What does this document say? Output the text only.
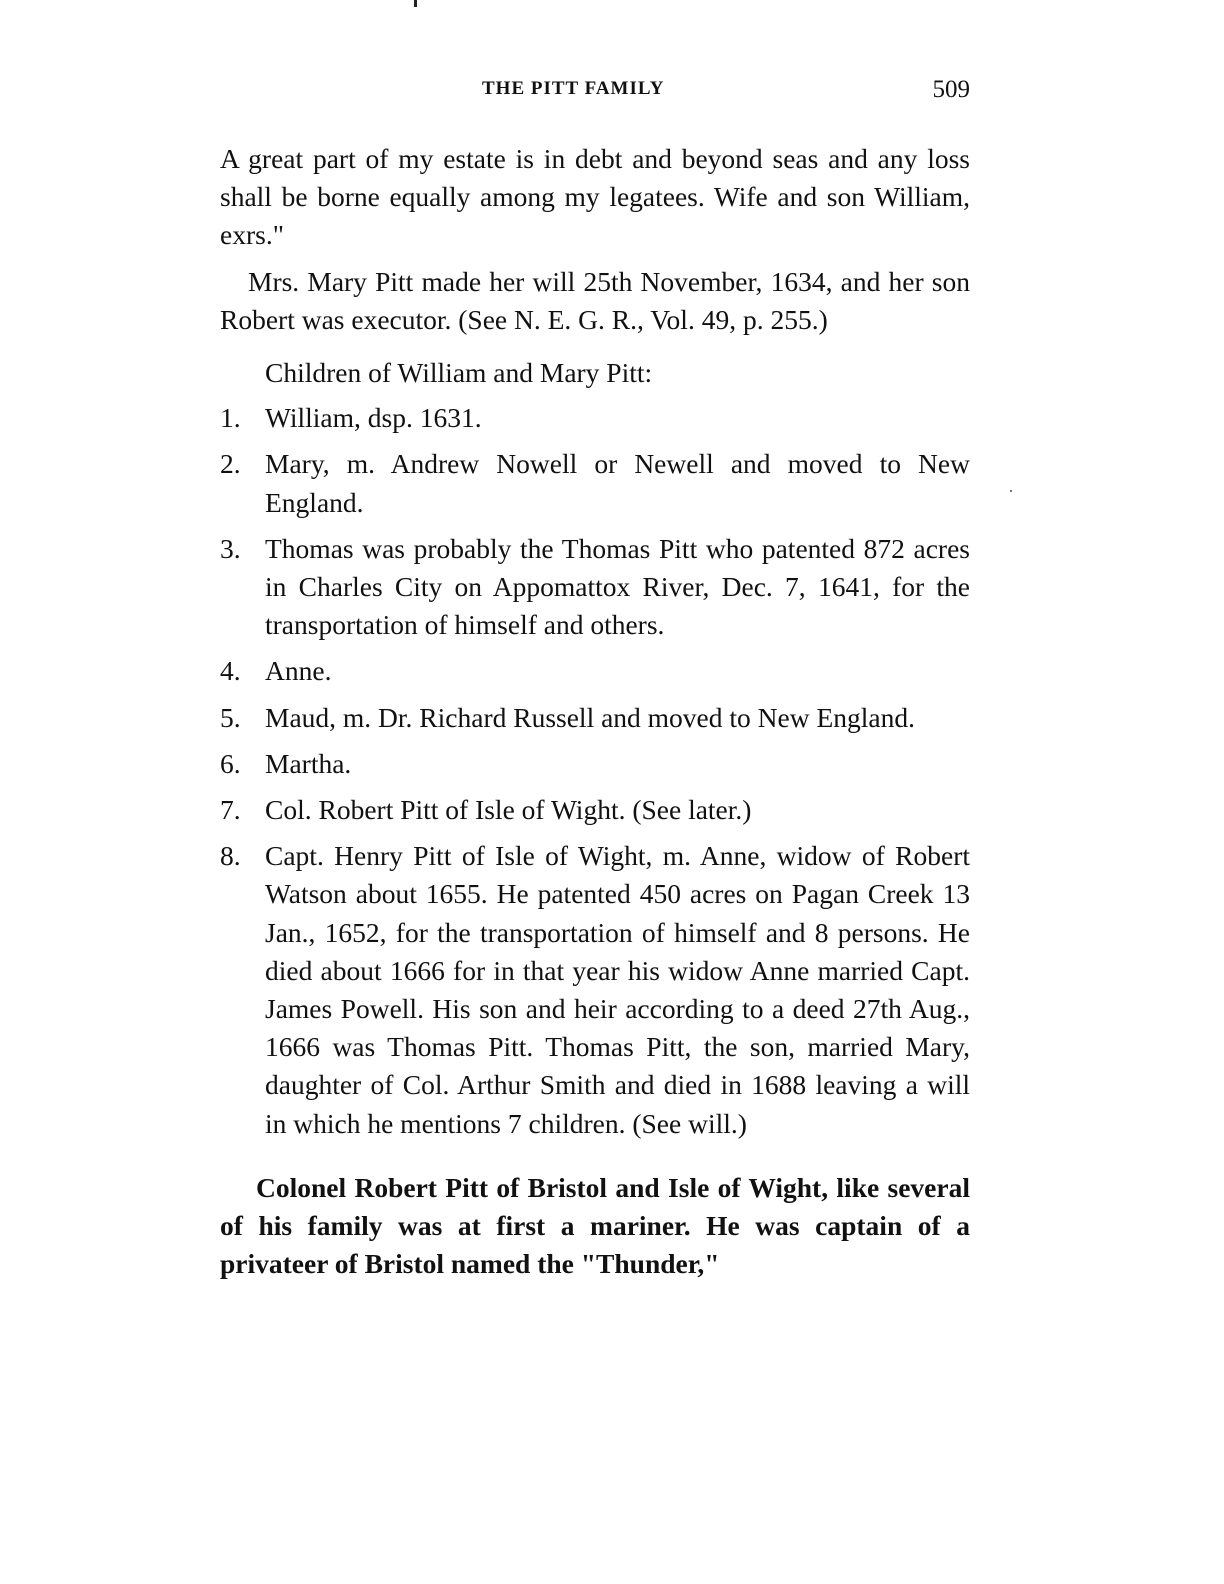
THE PITT FAMILY	509

A great part of my estate is in debt and beyond seas and any loss shall be borne equally among my legatees. Wife and son William, exrs."

Mrs. Mary Pitt made her will 25th November, 1634, and her son Robert was executor. (See N. E. G. R., Vol. 49, p. 255.)

Children of William and Mary Pitt:

1. William, dsp. 1631.
2. Mary, m. Andrew Nowell or Newell and moved to New England.
3. Thomas was probably the Thomas Pitt who patented 872 acres in Charles City on Appomattox River, Dec. 7, 1641, for the transportation of himself and others.
4. Anne.
5. Maud, m. Dr. Richard Russell and moved to New England.
6. Martha.
7. Col. Robert Pitt of Isle of Wight. (See later.)
8. Capt. Henry Pitt of Isle of Wight, m. Anne, widow of Robert Watson about 1655. He patented 450 acres on Pagan Creek 13 Jan., 1652, for the transportation of himself and 8 persons. He died about 1666 for in that year his widow Anne married Capt. James Powell. His son and heir according to a deed 27th Aug., 1666 was Thomas Pitt. Thomas Pitt, the son, married Mary, daughter of Col. Arthur Smith and died in 1688 leaving a will in which he mentions 7 children. (See will.)

Colonel Robert Pitt of Bristol and Isle of Wight, like several of his family was at first a mariner. He was captain of a privateer of Bristol named the "Thunder,"
